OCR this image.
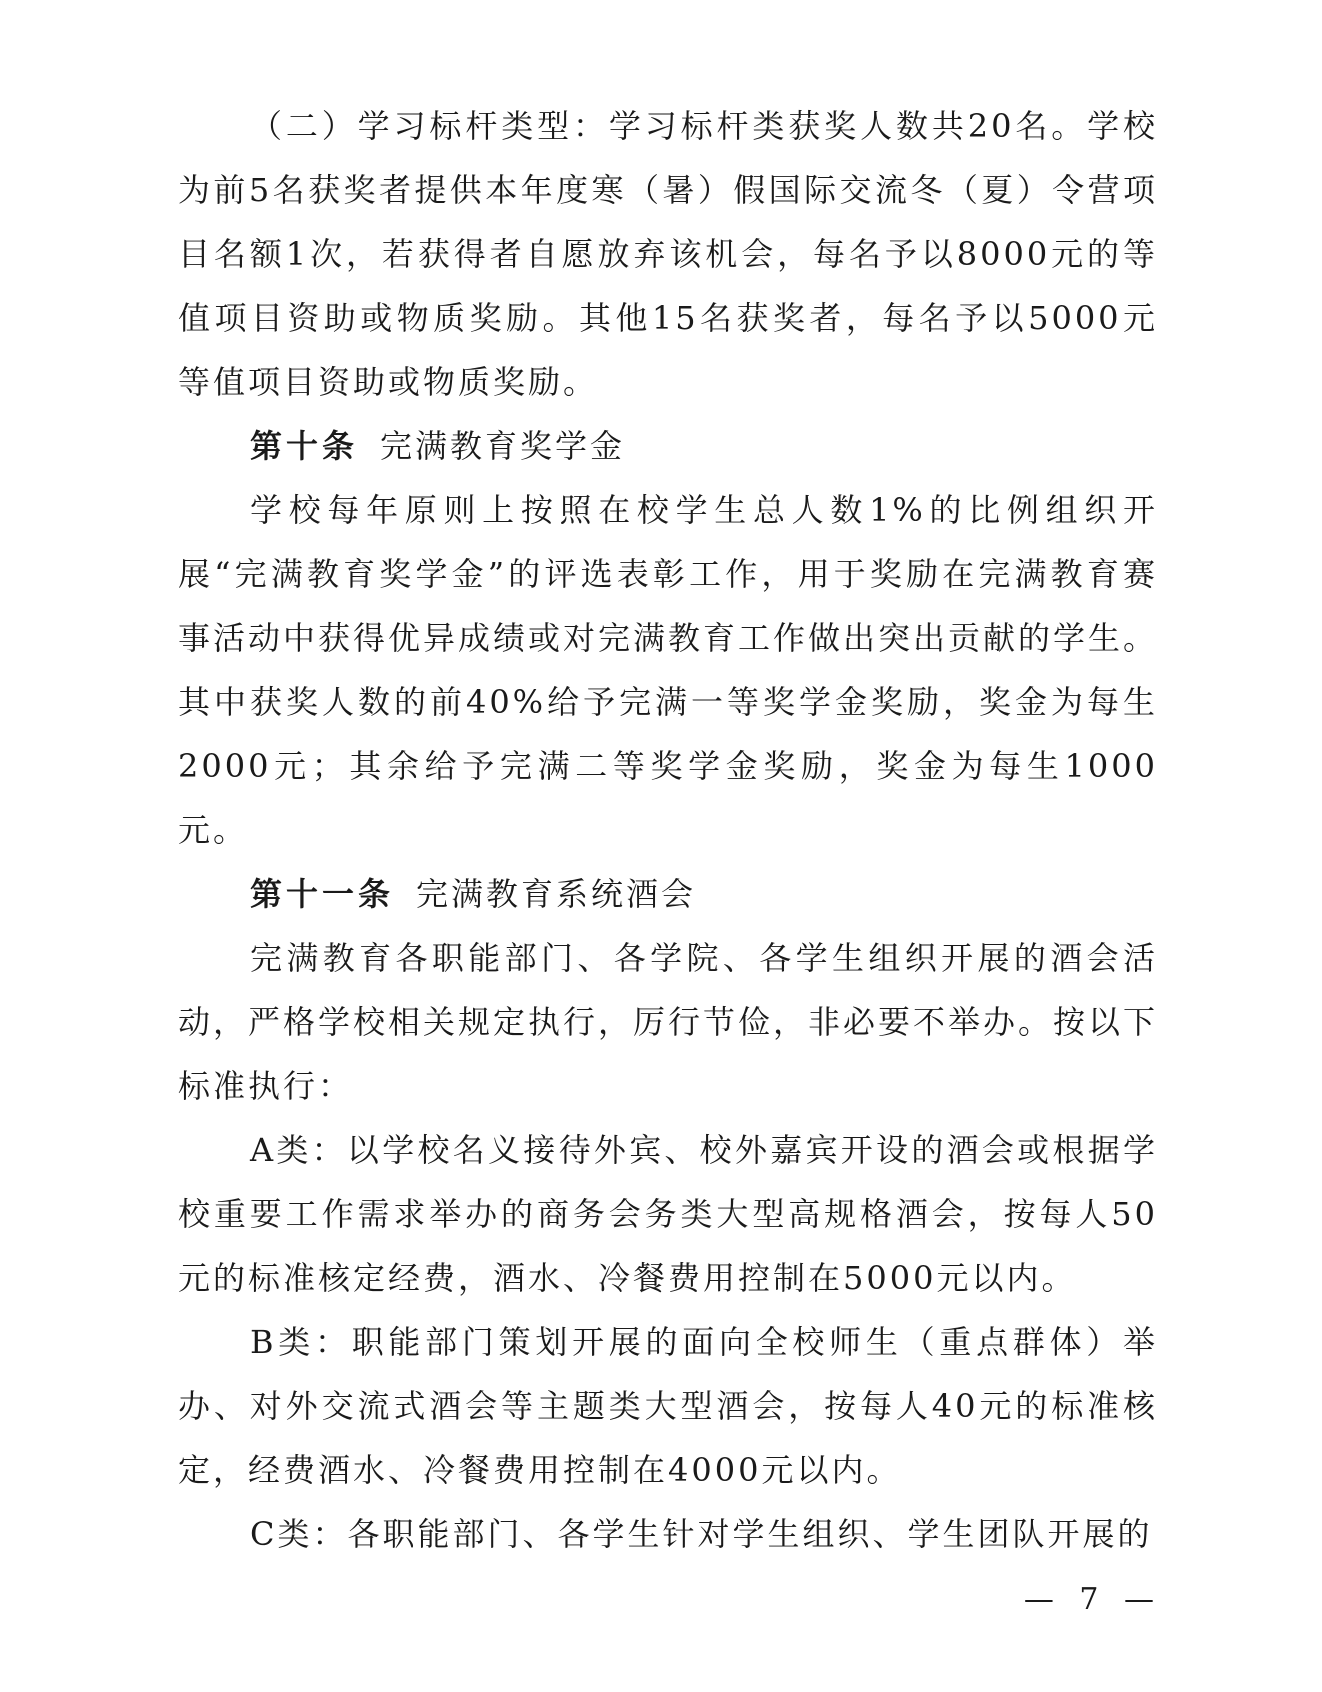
（二）学习标杆类型：学习标杆类获奖人数共20名。学校为前5名获奖者提供本年度寒（暑）假国际交流冬（夏）令营项目名额1次，若获得者自愿放弃该机会，每名予以8000元的等值项目资助或物质奖励。其他15名获奖者，每名予以5000元等值项目资助或物质奖励。

第十条 完满教育奖学金

学校每年原则上按照在校学生总人数1%的比例组织开展“完满教育奖学金”的评选表彰工作，用于奖励在完满教育赛事活动中获得优异成绩或对完满教育工作做出突出贡献的学生。其中获奖人数的前40%给予完满一等奖学金奖励，奖金为每生2000元；其余给予完满二等奖学金奖励，奖金为每生1000元。

第十一条 完满教育系统酒会

完满教育各职能部门、各学院、各学生组织开展的酒会活动，严格学校相关规定执行，厉行节俭，非必要不举办。按以下标准执行：

A类：以学校名义接待外宾、校外嘉宾开设的酒会或根据学校重要工作需求举办的商务会务类大型高规格酒会，按每人50元的标准核定经费，酒水、冷餐费用控制在5000元以内。

B类：职能部门策划开展的面向全校师生（重点群体）举办、对外交流式酒会等主题类大型酒会，按每人40元的标准核定，经费酒水、冷餐费用控制在4000元以内。

C类：各职能部门、各学生针对学生组织、学生团队开展的

— 7 —
